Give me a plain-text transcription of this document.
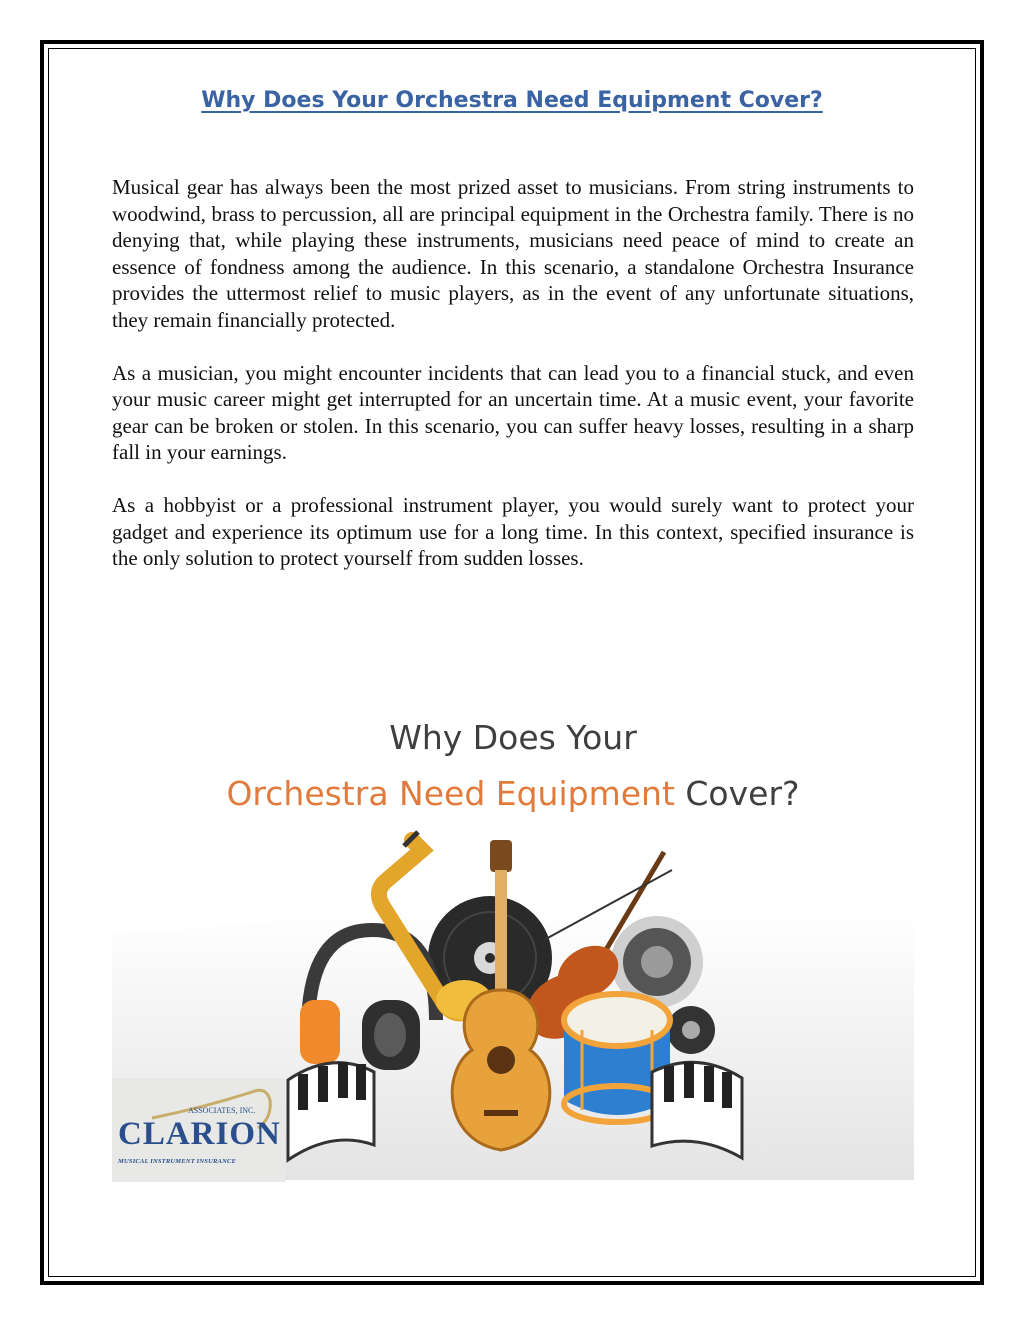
Why Does Your Orchestra Need Equipment Cover?

Musical gear has always been the most prized asset to musicians. From string instruments to woodwind, brass to percussion, all are principal equipment in the Orchestra family. There is no denying that, while playing these instruments, musicians need peace of mind to create an essence of fondness among the audience. In this scenario, a standalone Orchestra Insurance provides the uttermost relief to music players, as in the event of any unfortunate situations, they remain financially protected.

As a musician, you might encounter incidents that can lead you to a financial stuck, and even your music career might get interrupted for an uncertain time. At a music event, your favorite gear can be broken or stolen. In this scenario, you can suffer heavy losses, resulting in a sharp fall in your earnings.

As a hobbyist or a professional instrument player, you would surely want to protect your gadget and experience its optimum use for a long time. In this context, specified insurance is the only solution to protect yourself from sudden losses.

Why Does Your
Orchestra Need Equipment Cover?
ASSOCIATES, INC.
CLARION
MUSICAL INSTRUMENT INSURANCE
